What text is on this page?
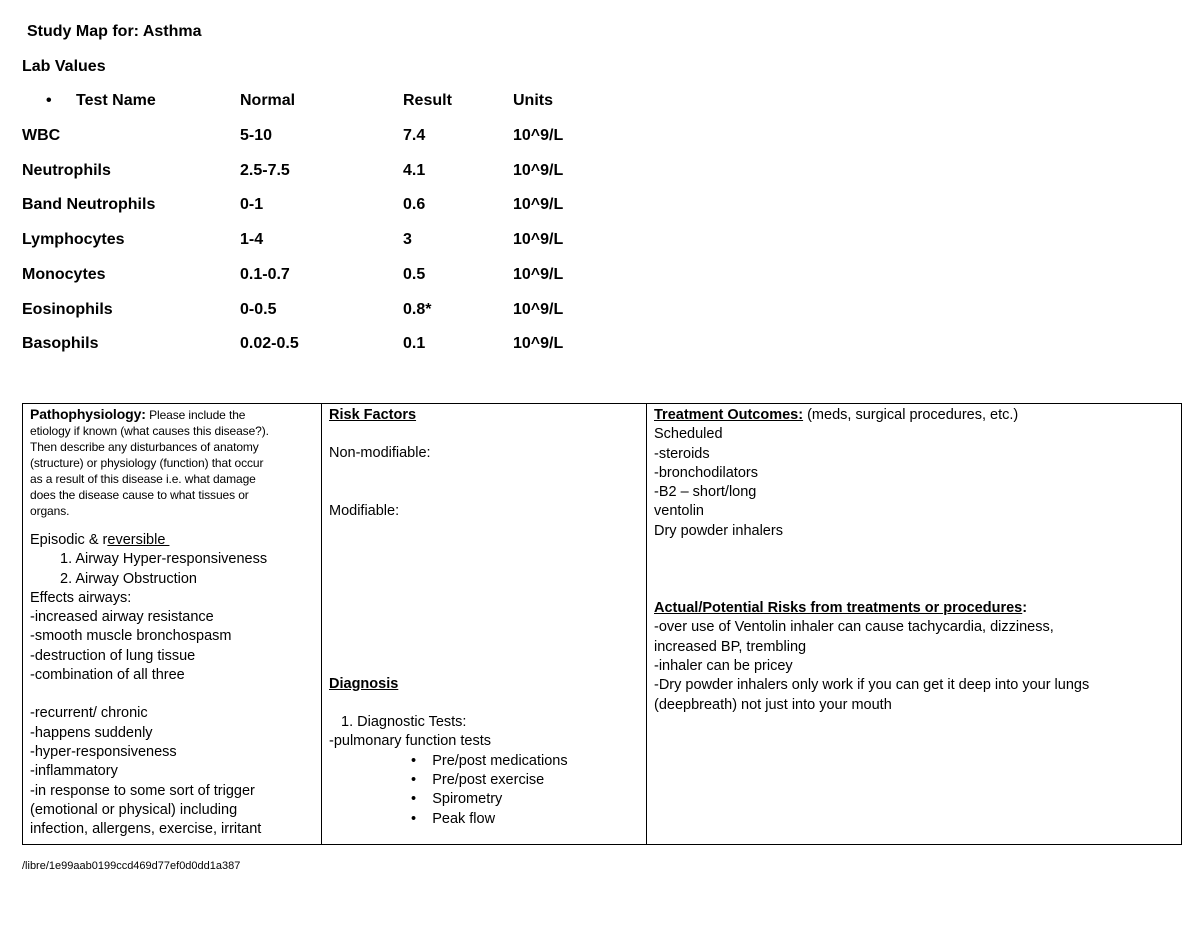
Study Map for: Asthma
Lab Values
• Test Name	Normal	Result	Units
WBC	5-10	7.4	10^9/L
Neutrophils	2.5-7.5	4.1	10^9/L
Band Neutrophils	0-1	0.6	10^9/L
Lymphocytes	1-4	3	10^9/L
Monocytes	0.1-0.7	0.5	10^9/L
Eosinophils	0-0.5	0.8*	10^9/L
Basophils	0.02-0.5	0.1	10^9/L
Pathophysiology: Please include the
etiology if known (what causes this disease?).
Then describe any disturbances of anatomy
(structure) or physiology (function) that occur
as a result of this disease i.e. what damage
does the disease cause to what tissues or
organs.
Episodic & reversible
1. Airway Hyper-responsiveness
2. Airway Obstruction
Effects airways:
-increased airway resistance
-smooth muscle bronchospasm
-destruction of lung tissue
-combination of all three
-recurrent/ chronic
-happens suddenly
-hyper-responsiveness
-inflammatory
-in response to some sort of trigger
(emotional or physical) including
infection, allergens, exercise, irritant

Risk Factors
Non-modifiable:
Modifiable:
Diagnosis
1. Diagnostic Tests:
-pulmonary function tests
•    Pre/post medications
•    Pre/post exercise
•    Spirometry
•    Peak flow

Treatment Outcomes: (meds, surgical procedures, etc.)
Scheduled
-steroids
-bronchodilators
-B2 – short/long
ventolin
Dry powder inhalers
Actual/Potential Risks from treatments or procedures:
-over use of Ventolin inhaler can cause tachycardia, dizziness,
increased BP, trembling
-inhaler can be pricey
-Dry powder inhalers only work if you can get it deep into your lungs
(deepbreath) not just into your mouth
/libre/1e99aab0199ccd469d77ef0d0dd1a387
